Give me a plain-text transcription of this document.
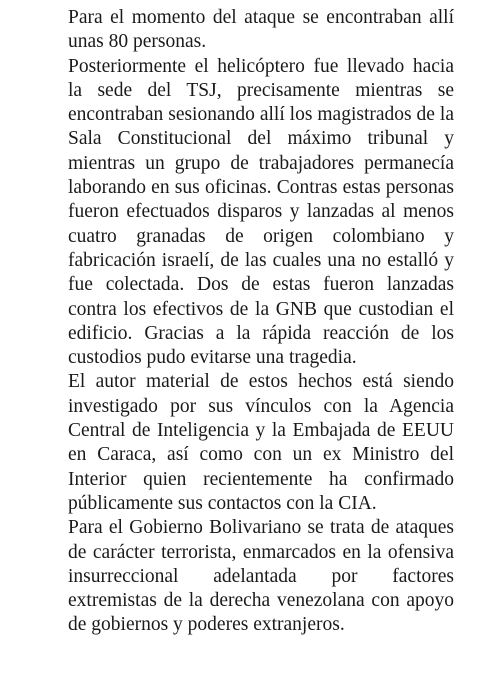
Para el momento del ataque se encontraban allí unas 80 personas.

Posteriormente el helicóptero fue llevado hacia la sede del TSJ, precisamente mientras se encontraban sesionando allí los magistrados de la Sala Constitucional del máximo tribunal y mientras un grupo de trabajadores permanecía laborando en sus oficinas. Contras estas personas fueron efectuados disparos y lanzadas al menos cuatro granadas de origen colombiano y fabricación israelí, de las cuales una no estalló y fue colectada. Dos de estas fueron lanzadas contra los efectivos de la GNB que custodian el edificio. Gracias a la rápida reacción de los custodios pudo evitarse una tragedia.

El autor material de estos hechos está siendo investigado por sus vínculos con la Agencia Central de Inteligencia y la Embajada de EEUU en Caraca, así como con un ex Ministro del Interior quien recientemente ha confirmado públicamente sus contactos con la CIA.

Para el Gobierno Bolivariano se trata de ataques de carácter terrorista, enmarcados en la ofensiva insurreccional adelantada por factores extremistas de la derecha venezolana con apoyo de gobiernos y poderes extranjeros.
